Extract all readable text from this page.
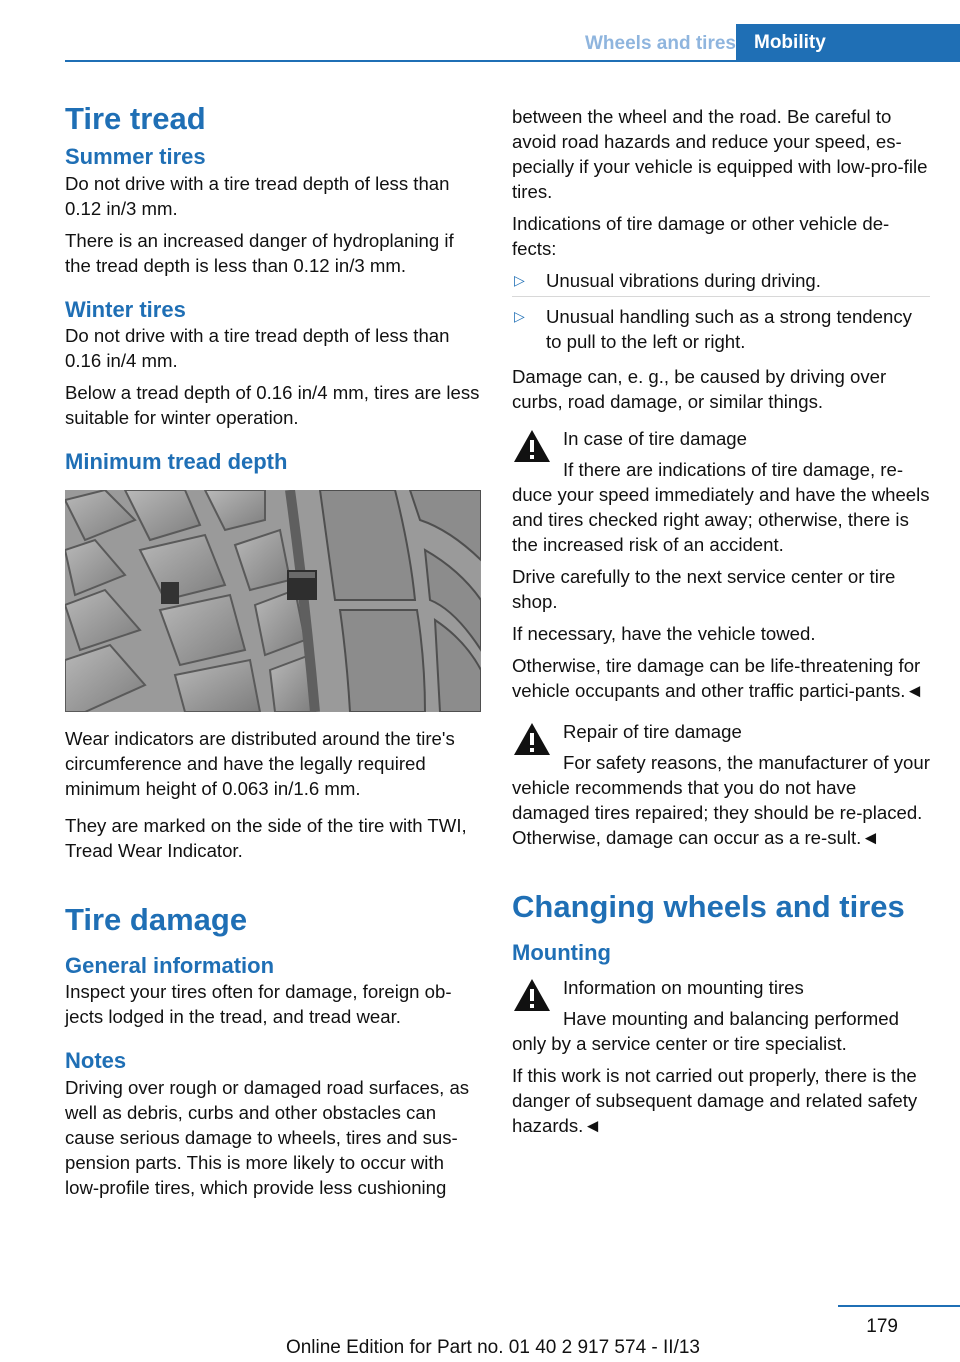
Wheels and tires Mobility
Tire tread
Summer tires

Do not drive with a tire tread depth of less than 0.12 in/3 mm.

There is an increased danger of hydroplaning if the tread depth is less than 0.12 in/3 mm.

Winter tires

Do not drive with a tire tread depth of less than 0.16 in/4 mm.

Below a tread depth of 0.16 in/4 mm, tires are less suitable for winter operation.

Minimum tread depth

Wear indicators are distributed around the tire's circumference and have the legally required minimum height of 0.063 in/1.6 mm.

They are marked on the side of the tire with TWI, Tread Wear Indicator.

Tire damage
General information

Inspect your tires often for damage, foreign ob-jects lodged in the tread, and tread wear.

Notes

Driving over rough or damaged road surfaces, as well as debris, curbs and other obstacles can cause serious damage to wheels, tires and sus-pension parts. This is more likely to occur with low-profile tires, which provide less cushioning

between the wheel and the road. Be careful to avoid road hazards and reduce your speed, es-pecially if your vehicle is equipped with low-pro-file tires.

Indications of tire damage or other vehicle de-fects:

▷ Unusual vibrations during driving.
▷ Unusual handling such as a strong tendency to pull to the left or right.

Damage can, e. g., be caused by driving over curbs, road damage, or similar things.

In case of tire damage

If there are indications of tire damage, re-duce your speed immediately and have the wheels and tires checked right away; otherwise, there is the increased risk of an accident.

Drive carefully to the next service center or tire shop.

If necessary, have the vehicle towed.

Otherwise, tire damage can be life-threatening for vehicle occupants and other traffic partici-pants.◄

Repair of tire damage

For safety reasons, the manufacturer of your vehicle recommends that you do not have damaged tires repaired; they should be re-placed. Otherwise, damage can occur as a re-sult.◄

Changing wheels and tires
Mounting
Information on mounting tires

Have mounting and balancing performed only by a service center or tire specialist.

If this work is not carried out properly, there is the danger of subsequent damage and related safety hazards.◄

179
Online Edition for Part no. 01 40 2 917 574 - II/13
